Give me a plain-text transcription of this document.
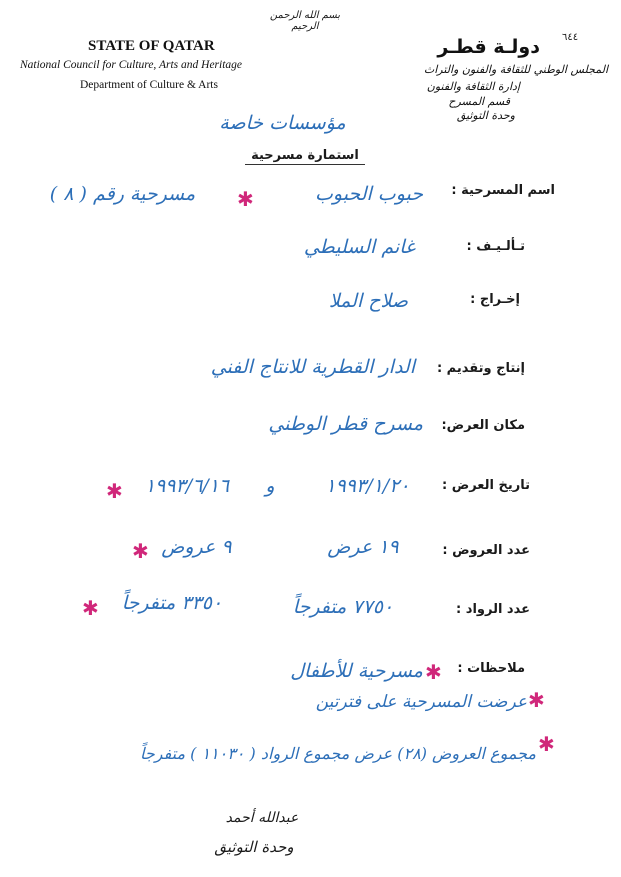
بسم الله الرحمن الرحيم
٦٤٤
STATE OF QATAR
National Council for Culture, Arts and Heritage
Department of Culture & Arts
دولـة قطـر
المجلس الوطني للثقافة والفنون والتراث
إدارة الثقافة والفنون
قسم المسرح
وحدة التوثيق
مؤسسات خاصة
استمارة مسرحية
اسم المسرحية :
✱	حبوب الحبوب
مسرحية رقم ( ٨ )
تـألـيـف :
غانم السليطي
إخـراج :
صلاح الملا
إنتاج وتقديم :
الدار القطرية للانتاج الفني
مكان العرض:
مسرح قطر الوطني
تاريخ العرض :
١٩٩٣/١/٢٠
و
✱	١٩٩٣/٦/١٦
عدد العروض :
١٩ عرض
✱ ٩ عروض
عدد الرواد :
٧٧٥٠ متفرجاً
✱	٣٣٥٠ متفرجاً
ملاحظات :
✱
مسرحية للأطفال
✱
عرضت المسرحية على فترتين
✱
مجموع العروض (٢٨) عرض مجموع الرواد ( ١١٠٣٠ ) متفرجاً
عبدالله أحمد
وحدة التوثيق
